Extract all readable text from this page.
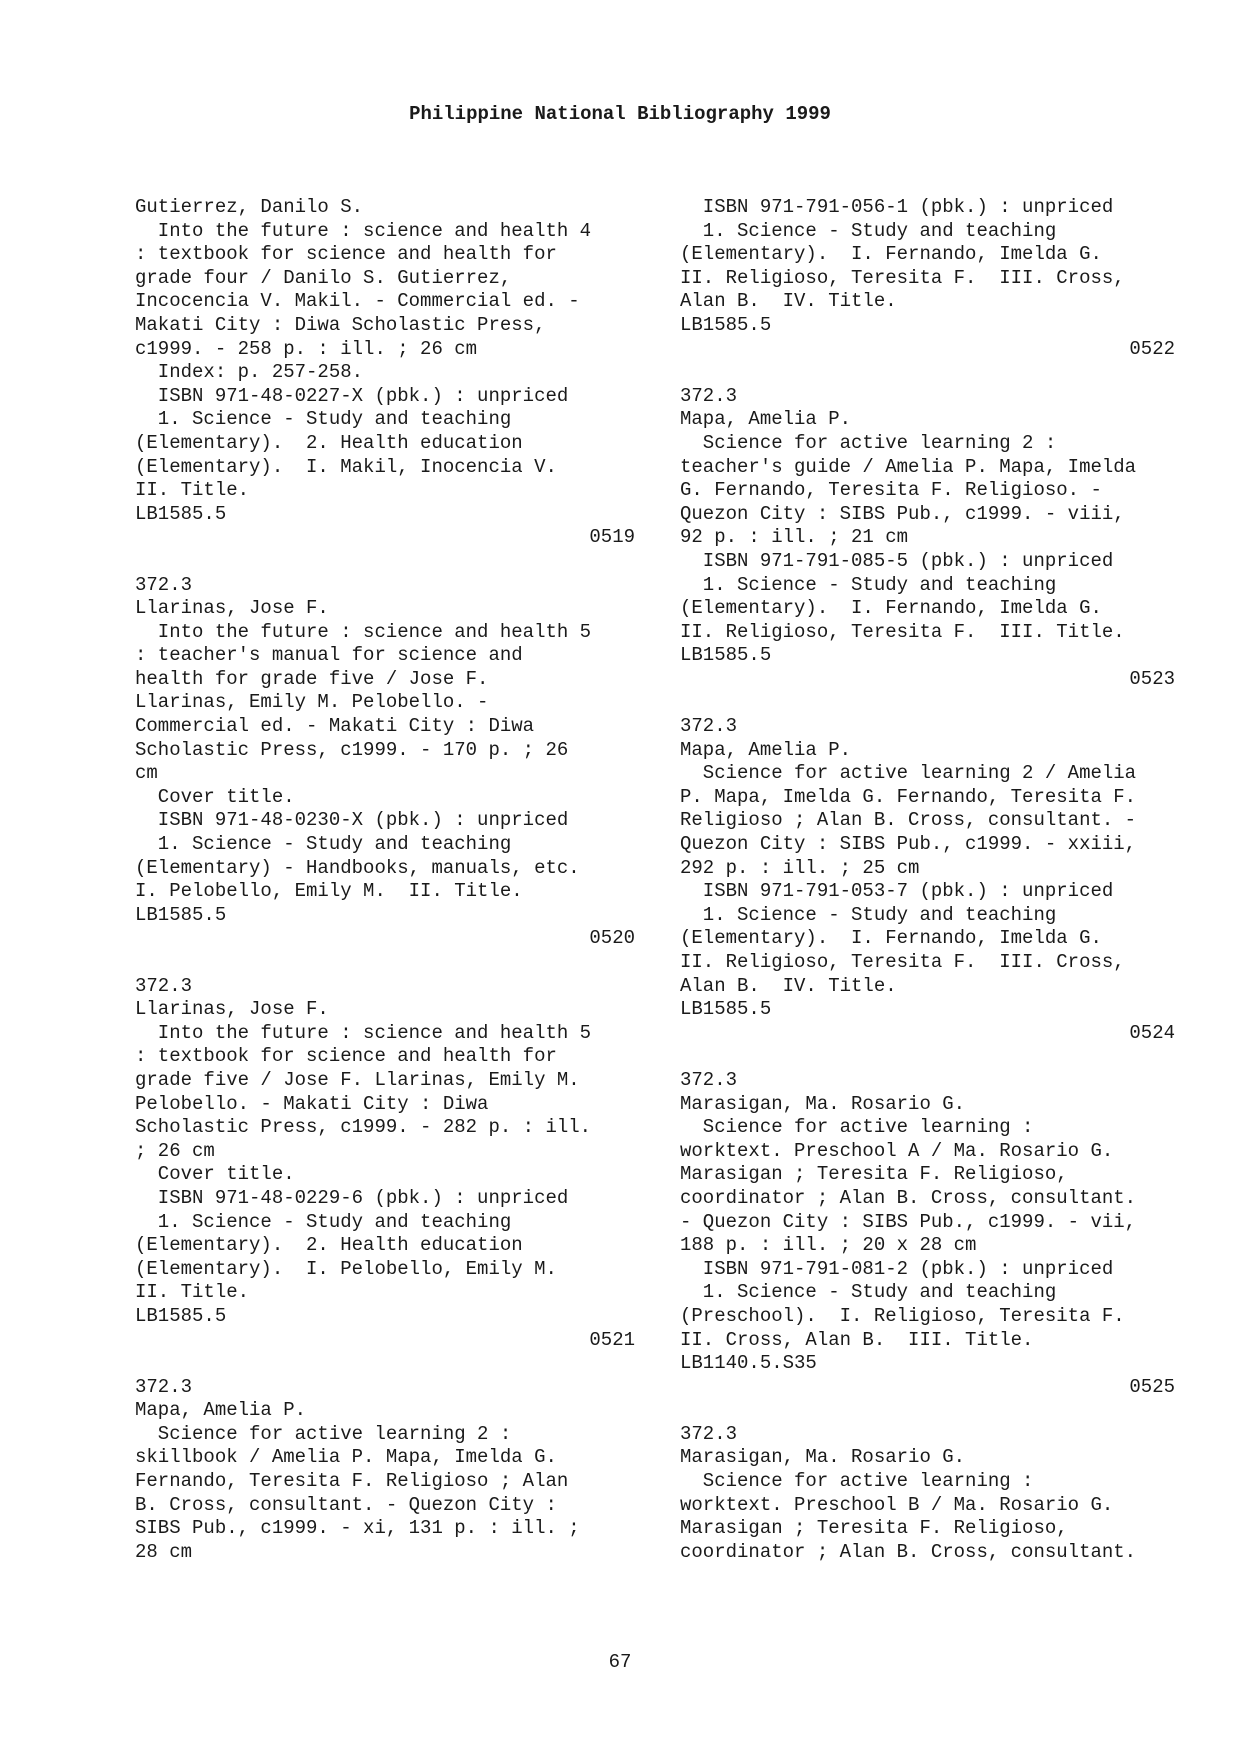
Philippine National Bibliography 1999
Gutierrez, Danilo S.
Into the future : science and health 4
: textbook for science and health for
grade four / Danilo S. Gutierrez,
Incocencia V. Makil. - Commercial ed. -
Makati City : Diwa Scholastic Press,
c1999. - 258 p. : ill. ; 26 cm
Index: p. 257-258.
ISBN 971-48-0227-X (pbk.) : unpriced
1. Science - Study and teaching
(Elementary).  2. Health education
(Elementary).  I. Makil, Inocencia V.
II. Title.
LB1585.5
0519
372.3
Llarinas, Jose F.
Into the future : science and health 5
: teacher's manual for science and
health for grade five / Jose F.
Llarinas, Emily M. Pelobello. -
Commercial ed. - Makati City : Diwa
Scholastic Press, c1999. - 170 p. ; 26
cm
Cover title.
ISBN 971-48-0230-X (pbk.) : unpriced
1. Science - Study and teaching
(Elementary) - Handbooks, manuals, etc.
I. Pelobello, Emily M.  II. Title.
LB1585.5
0520
372.3
Llarinas, Jose F.
Into the future : science and health 5
: textbook for science and health for
grade five / Jose F. Llarinas, Emily M.
Pelobello. - Makati City : Diwa
Scholastic Press, c1999. - 282 p. : ill.
; 26 cm
Cover title.
ISBN 971-48-0229-6 (pbk.) : unpriced
1. Science - Study and teaching
(Elementary).  2. Health education
(Elementary).  I. Pelobello, Emily M.
II. Title.
LB1585.5
0521
372.3
Mapa, Amelia P.
Science for active learning 2 :
skillbook / Amelia P. Mapa, Imelda G.
Fernando, Teresita F. Religioso ; Alan
B. Cross, consultant. - Quezon City :
SIBS Pub., c1999. - xi, 131 p. : ill. ;
28 cm
ISBN 971-791-056-1 (pbk.) : unpriced
1. Science - Study and teaching
(Elementary).  I. Fernando, Imelda G.
II. Religioso, Teresita F.  III. Cross,
Alan B.  IV. Title.
LB1585.5
0522
372.3
Mapa, Amelia P.
Science for active learning 2 :
teacher's guide / Amelia P. Mapa, Imelda
G. Fernando, Teresita F. Religioso. -
Quezon City : SIBS Pub., c1999. - viii,
92 p. : ill. ; 21 cm
ISBN 971-791-085-5 (pbk.) : unpriced
1. Science - Study and teaching
(Elementary).  I. Fernando, Imelda G.
II. Religioso, Teresita F.  III. Title.
LB1585.5
0523
372.3
Mapa, Amelia P.
Science for active learning 2 / Amelia
P. Mapa, Imelda G. Fernando, Teresita F.
Religioso ; Alan B. Cross, consultant. -
Quezon City : SIBS Pub., c1999. - xxiii,
292 p. : ill. ; 25 cm
ISBN 971-791-053-7 (pbk.) : unpriced
1. Science - Study and teaching
(Elementary).  I. Fernando, Imelda G.
II. Religioso, Teresita F.  III. Cross,
Alan B.  IV. Title.
LB1585.5
0524
372.3
Marasigan, Ma. Rosario G.
Science for active learning :
worktext. Preschool A / Ma. Rosario G.
Marasigan ; Teresita F. Religioso,
coordinator ; Alan B. Cross, consultant.
- Quezon City : SIBS Pub., c1999. - vii,
188 p. : ill. ; 20 x 28 cm
ISBN 971-791-081-2 (pbk.) : unpriced
1. Science - Study and teaching
(Preschool).  I. Religioso, Teresita F.
II. Cross, Alan B.  III. Title.
LB1140.5.S35
0525
372.3
Marasigan, Ma. Rosario G.
Science for active learning :
worktext. Preschool B / Ma. Rosario G.
Marasigan ; Teresita F. Religioso,
coordinator ; Alan B. Cross, consultant.
67
